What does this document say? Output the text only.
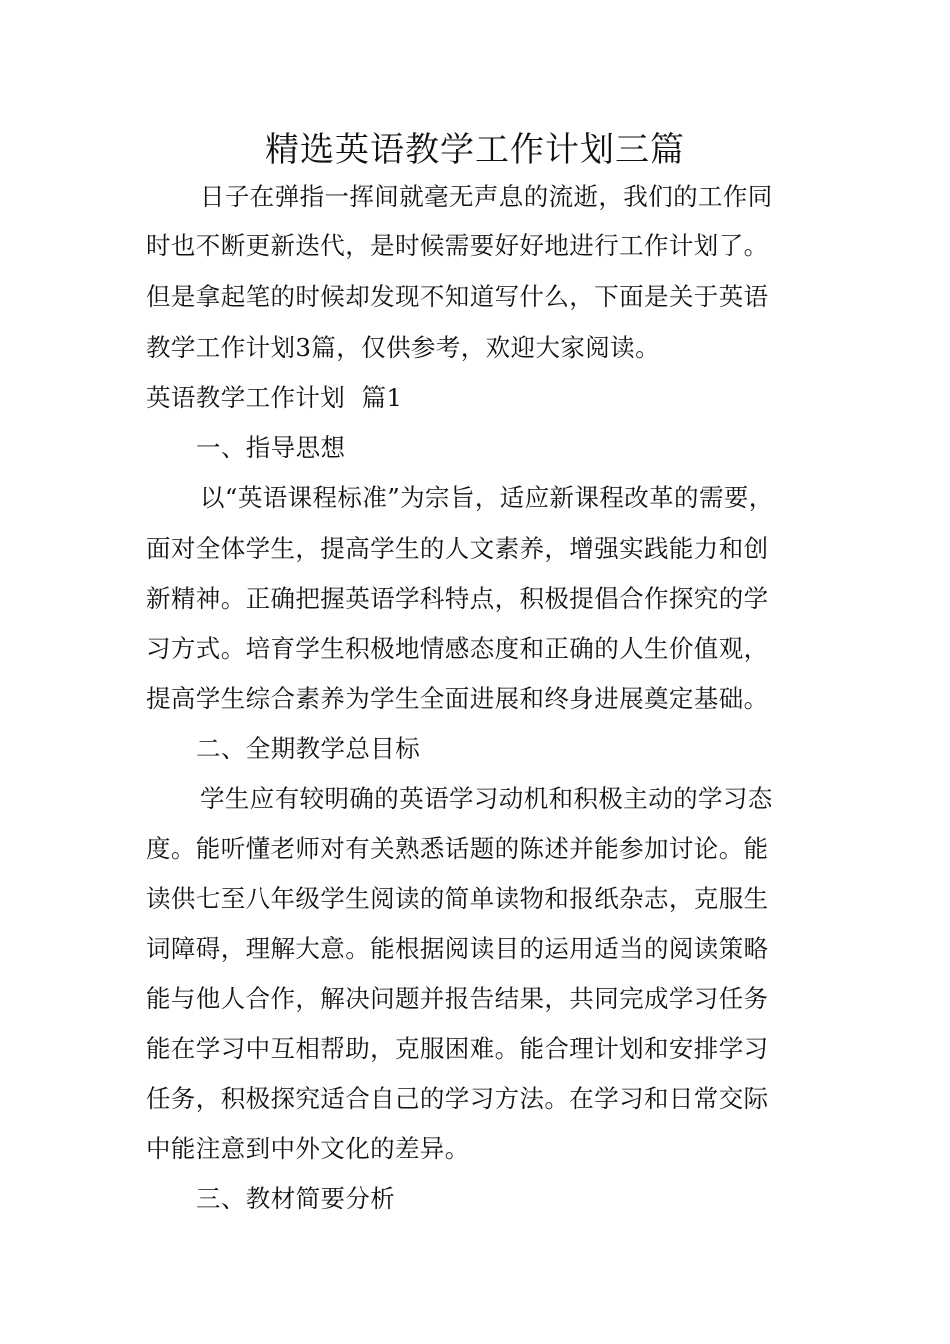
精选英语教学工作计划三篇
日子在弹指一挥间就毫无声息的流逝，我们的工作同
时也不断更新迭代，是时候需要好好地进行工作计划了。
但是拿起笔的时候却发现不知道写什么，下面是关于英语
教学工作计划3篇，仅供参考，欢迎大家阅读。
英语教学工作计划  篇1
一、指导思想
以“英语课程标准”为宗旨，适应新课程改革的需要，
面对全体学生，提高学生的人文素养，增强实践能力和创
新精神。正确把握英语学科特点，积极提倡合作探究的学
习方式。培育学生积极地情感态度和正确的人生价值观，
提高学生综合素养为学生全面进展和终身进展奠定基础。
二、全期教学总目标
学生应有较明确的英语学习动机和积极主动的学习态
度。能听懂老师对有关熟悉话题的陈述并能参加讨论。能
读供七至八年级学生阅读的简单读物和报纸杂志，克服生
词障碍，理解大意。能根据阅读目的运用适当的阅读策略
能与他人合作，解决问题并报告结果，共同完成学习任务
能在学习中互相帮助，克服困难。能合理计划和安排学习
任务，积极探究适合自己的学习方法。在学习和日常交际
中能注意到中外文化的差异。
三、教材简要分析
